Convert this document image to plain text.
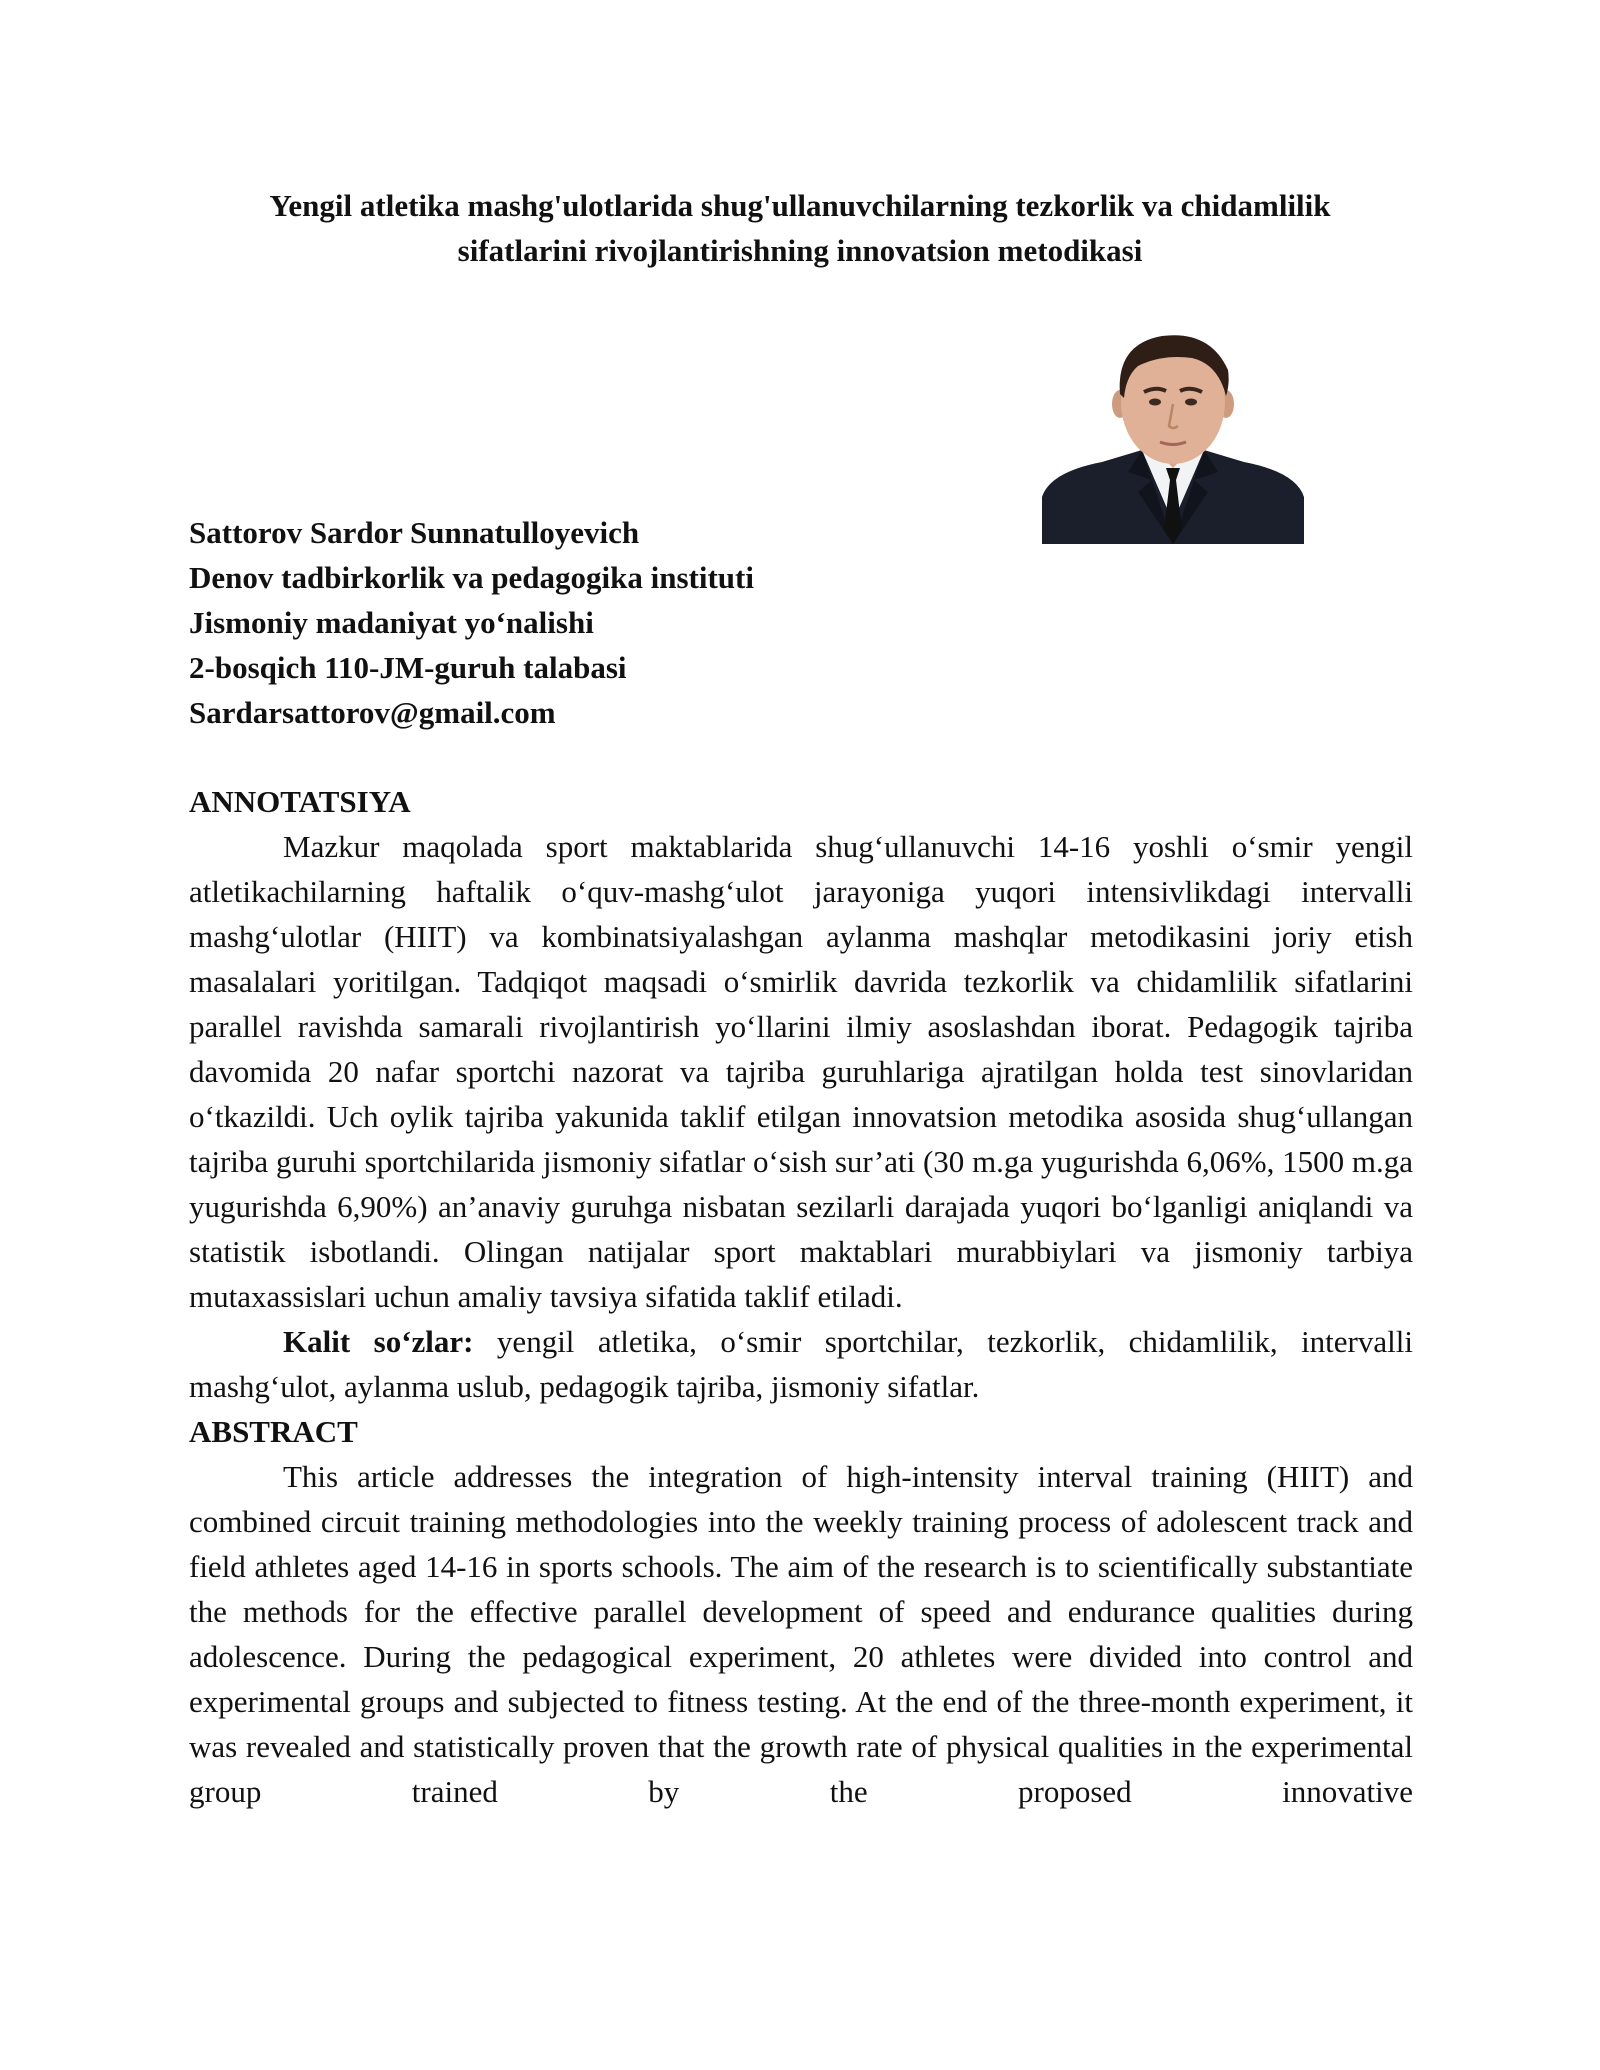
Yengil atletika mashg'ulotlarida shug'ullanuvchilarning tezkorlik va chidamlilik
sifatlarini rivojlantirishning innovatsion metodikasi
Sattorov Sardor Sunnatulloyevich
Denov tadbirkorlik va pedagogika instituti
Jismoniy madaniyat yo‘nalishi
2-bosqich 110-JM-guruh talabasi
Sardarsattorov@gmail.com
ANNOTATSIYA

Mazkur maqolada sport maktablarida shug‘ullanuvchi 14-16 yoshli o‘smir yengil atletikachilarning haftalik o‘quv-mashg‘ulot jarayoniga yuqori intensivlikdagi intervalli mashg‘ulotlar (HIIT) va kombinatsiyalashgan aylanma mashqlar metodikasini joriy etish masalalari yoritilgan. Tadqiqot maqsadi o‘smirlik davrida tezkorlik va chidamlilik sifatlarini parallel ravishda samarali rivojlantirish yo‘llarini ilmiy asoslashdan iborat. Pedagogik tajriba davomida 20 nafar sportchi nazorat va tajriba guruhlariga ajratilgan holda test sinovlaridan o‘tkazildi. Uch oylik tajriba yakunida taklif etilgan innovatsion metodika asosida shug‘ullangan tajriba guruhi sportchilarida jismoniy sifatlar o‘sish sur’ati (30 m.ga yugurishda 6,06%, 1500 m.ga yugurishda 6,90%) an’anaviy guruhga nisbatan sezilarli darajada yuqori bo‘lganligi aniqlandi va statistik isbotlandi. Olingan natijalar sport maktablari murabbiylari va jismoniy tarbiya mutaxassislari uchun amaliy tavsiya sifatida taklif etiladi.

Kalit so‘zlar: yengil atletika, o‘smir sportchilar, tezkorlik, chidamlilik, intervalli mashg‘ulot, aylanma uslub, pedagogik tajriba, jismoniy sifatlar.

ABSTRACT

This article addresses the integration of high-intensity interval training (HIIT) and combined circuit training methodologies into the weekly training process of adolescent track and field athletes aged 14-16 in sports schools. The aim of the research is to scientifically substantiate the methods for the effective parallel development of speed and endurance qualities during adolescence. During the pedagogical experiment, 20 athletes were divided into control and experimental groups and subjected to fitness testing. At the end of the three-month experiment, it was revealed and statistically proven that the growth rate of physical qualities in the experimental group trained by the proposed innovative
